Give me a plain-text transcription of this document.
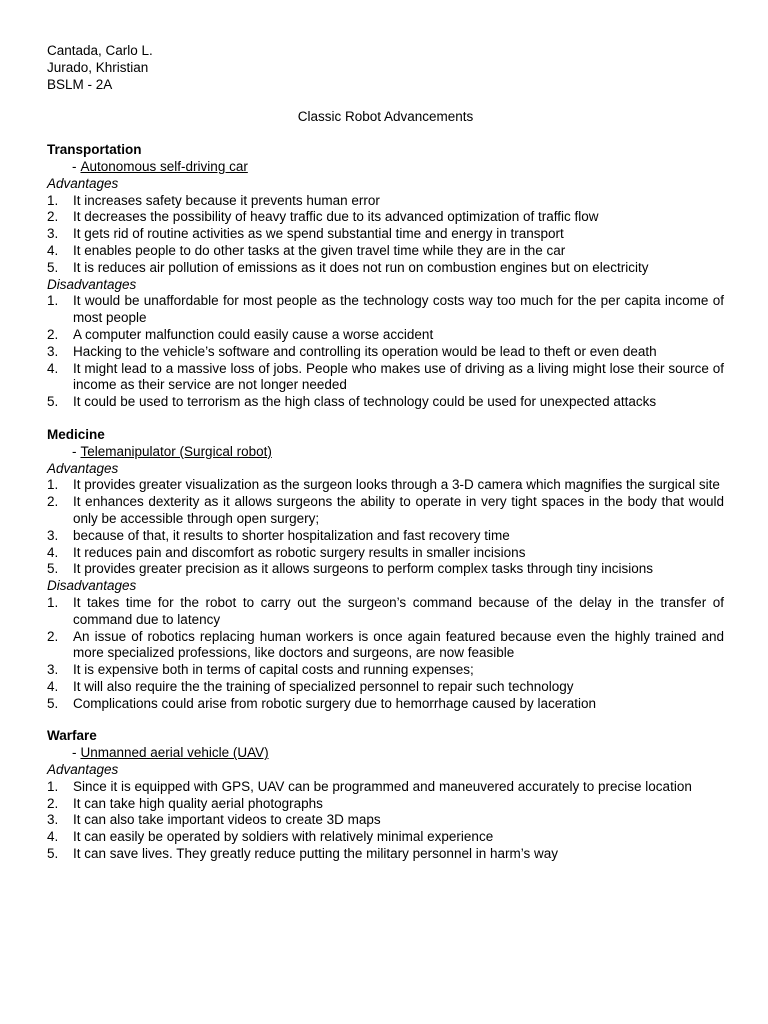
Cantada, Carlo L.
Jurado, Khristian
BSLM - 2A
Classic Robot Advancements
Transportation
- Autonomous self-driving car
Advantages
1. It increases safety because it prevents human error
2. It decreases the possibility of heavy traffic due to its advanced optimization of traffic flow
3. It gets rid of routine activities as we spend substantial time and energy in transport
4. It enables people to do other tasks at the given travel time while they are in the car
5. It is reduces air pollution of emissions as it does not run on combustion engines but on electricity
Disadvantages
1. It would be unaffordable for most people as the technology costs way too much for the per capita income of most people
2. A computer malfunction could easily cause a worse accident
3. Hacking to the vehicle’s software and controlling its operation would be lead to theft or even death
4. It might lead to a massive loss of jobs. People who makes use of driving as a living might lose their source of income as their service are not longer needed
5. It could be used to terrorism as the high class of technology could be used for unexpected attacks
Medicine
- Telemanipulator (Surgical robot)
Advantages
1. It provides greater visualization as the surgeon looks through a 3-D camera which magnifies the surgical site
2. It enhances dexterity as it allows surgeons the ability to operate in very tight spaces in the body that would only be accessible through open surgery;
3. because of that, it results to shorter hospitalization and fast recovery time
4. It reduces pain and discomfort as robotic surgery results in smaller incisions
5. It provides greater precision as it allows surgeons to perform complex tasks through tiny incisions
Disadvantages
1. It takes time for the robot to carry out the surgeon’s command because of the delay in the transfer of command due to latency
2. An issue of robotics replacing human workers is once again featured because even the highly trained and more specialized professions, like doctors and surgeons, are now feasible
3. It is expensive both in terms of capital costs and running expenses;
4. It will also require the the training of specialized personnel to repair such technology
5. Complications could arise from robotic surgery due to hemorrhage caused by laceration
Warfare
- Unmanned aerial vehicle (UAV)
Advantages
1. Since it is equipped with GPS, UAV can be programmed and maneuvered accurately to precise location
2. It can take high quality aerial photographs
3. It can also take important videos to create 3D maps
4. It can easily be operated by soldiers with relatively minimal experience
5. It can save lives. They greatly reduce putting the military personnel in harm’s way
